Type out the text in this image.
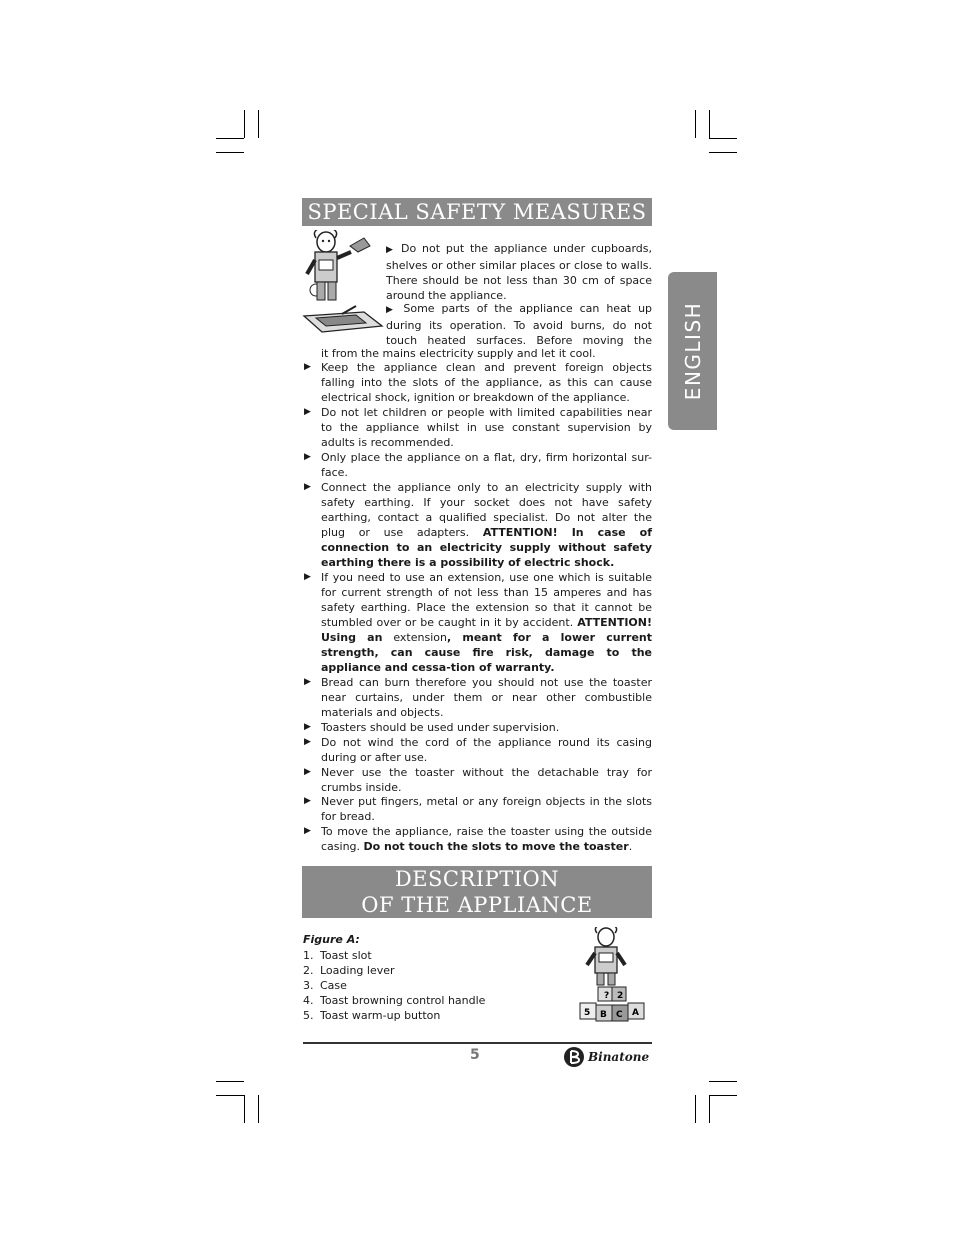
SPECIAL SAFETY MEASURES
ENGLISH
▶ Do not put the appliance under cupboards, shelves or other similar places or close to walls. There should be not less than 30 cm of space around the appliance.
▶ Some parts of the appliance can heat up during its operation. To avoid burns, do not touch heated surfaces. Before moving the
it from the mains electricity supply and let it cool.
▶ Keep the appliance clean and prevent foreign objects falling into the slots of the appliance, as this can cause electrical shock, ignition or breakdown of the appliance.
▶ Do not let children or people with limited capabilities near to the appliance whilst in use constant supervision by adults is recommended.
▶ Only place the appliance on a flat, dry, firm horizontal sur-face.
▶ Connect the appliance only to an electricity supply with safety earthing. If your socket does not have safety earthing, contact a qualified specialist. Do not alter the plug or use adapters. ATTENTION! In case of connection to an electricity supply without safety earthing there is a possibility of electric shock.
▶ If you need to use an extension, use one which is suitable for current strength of not less than 15 amperes and has safety earthing. Place the extension so that it cannot be stumbled over or be caught in it by accident. ATTENTION! Using an extension, meant for a lower current strength, can cause fire risk, damage to the appliance and cessa-tion of warranty.
▶ Bread can burn therefore you should not use the toaster near curtains, under them or near other combustible materials and objects.
▶ Toasters should be used under supervision.
▶ Do not wind the cord of the appliance round its casing during or after use.
▶ Never use the toaster without the detachable tray for crumbs inside.
▶ Never put fingers, metal or any foreign objects in the slots for bread.
▶ To move the appliance, raise the toaster using the outside casing. Do not touch the slots to move the toaster.
DESCRIPTION
OF THE APPLIANCE
Figure A:
1. Toast slot
2. Loading lever
3. Case
4. Toast browning control handle
5. Toast warm-up button
? 2
5 B C A
5	Binatone
